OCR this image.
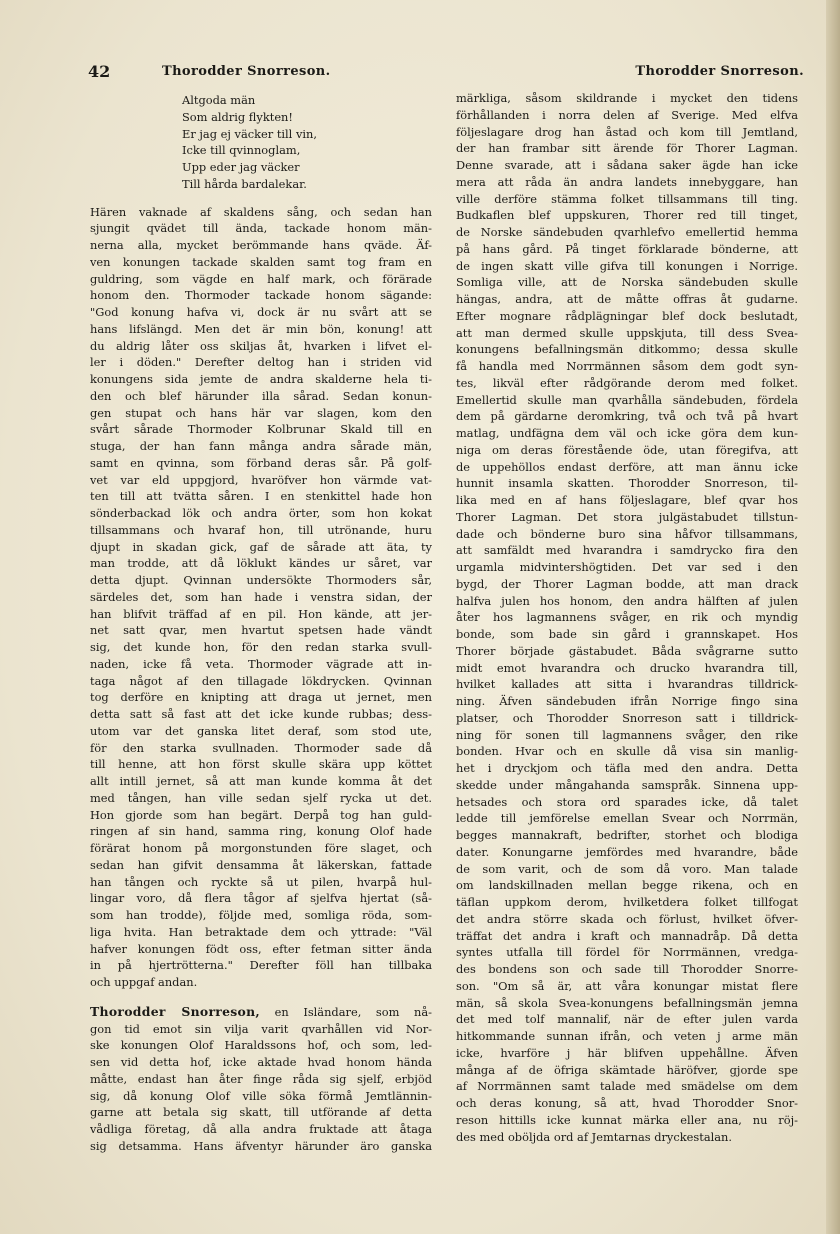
42	Thorodder Snorreson.	Thorodder Snorreson.
Altgoda män
Som aldrig flykten!
Er jag ej väcker till vin,
Icke till qvinnoglam,
Upp eder jag väcker
Till hårda bardalekar.
Hären vaknade af skaldens sång, och sedan han
sjungit qvädet till ända, tackade honom män-
nerna alla, mycket berömmande hans qväde. Äf-
ven konungen tackade skalden samt tog fram en
guldring, som vägde en half mark, och förärade
honom den. Thormoder tackade honom sägande:
"God konung hafva vi, dock är nu svårt att se
hans lifslängd. Men det är min bön, konung! att
du aldrig låter oss skiljas åt, hvarken i lifvet el-
ler i döden." Derefter deltog han i striden vid
konungens sida jemte de andra skalderne hela ti-
den och blef härunder illa sårad. Sedan konun-
gen stupat och hans här var slagen, kom den
svårt sårade Thormoder Kolbrunar Skald till en
stuga, der han fann många andra sårade män,
samt en qvinna, som förband deras sår. På golf-
vet var eld uppgjord, hvaröfver hon värmde vat-
ten till att tvätta såren. I en stenkittel hade hon
sönderbackad lök och andra örter, som hon kokat
tillsammans och hvaraf hon, till utrönande, huru
djupt in skadan gick, gaf de sårade att äta, ty
man trodde, att då löklukt kändes ur såret, var
detta djupt. Qvinnan undersökte Thormoders sår,
särdeles det, som han hade i venstra sidan, der
han blifvit träffad af en pil. Hon kände, att jer-
net satt qvar, men hvartut spetsen hade vändt
sig, det kunde hon, för den redan starka svull-
naden, icke få veta. Thormoder vägrade att in-
taga något af den tillagade lökdrycken. Qvinnan
tog derföre en knipting att draga ut jernet, men
detta satt så fast att det icke kunde rubbas; dess-
utom var det ganska litet deraf, som stod ute,
för den starka svullnaden. Thormoder sade då
till henne, att hon först skulle skära upp köttet
allt intill jernet, så att man kunde komma åt det
med tången, han ville sedan sjelf rycka ut det.
Hon gjorde som han begärt. Derpå tog han guld-
ringen af sin hand, samma ring, konung Olof hade
förärat honom på morgonstunden före slaget, och
sedan han gifvit densamma åt läkerskan, fattade
han tången och ryckte så ut pilen, hvarpå hul-
lingar voro, då flera tågor af sjelfva hjertat (så-
som han trodde), följde med, somliga röda, som-
liga hvita. Han betraktade dem och yttrade: "Väl
hafver konungen födt oss, efter fetman sitter ända
in på hjertrötterna." Derefter föll han tillbaka
och uppgaf andan.
Thorodder Snorreson, en Isländare, som nå-
gon tid emot sin vilja varit qvarhållen vid Nor-
ske konungen Olof Haraldssons hof, och som, led-
sen vid detta hof, icke aktade hvad honom hända
måtte, endast han åter finge råda sig sjelf, erbjöd
sig, då konung Olof ville söka förmå Jemtlännin-
garne att betala sig skatt, till utförande af detta
vådliga företag, då alla andra fruktade att åtaga
sig detsamma. Hans äfventyr härunder äro ganska
märkliga, såsom skildrande i mycket den tidens
förhållanden i norra delen af Sverige. Med elfva
följeslagare drog han åstad och kom till Jemtland,
der han frambar sitt ärende för Thorer Lagman.
Denne svarade, att i sådana saker ägde han icke
mera att råda än andra landets innebyggare, han
ville derföre stämma folket tillsammans till ting.
Budkaflen blef uppskuren, Thorer red till tinget,
de Norske sändebuden qvarhlefvo emellertid hemma
på hans gård. På tinget förklarade bönderne, att
de ingen skatt ville gifva till konungen i Norrige.
Somliga ville, att de Norska sändebuden skulle
hängas, andra, att de måtte offras åt gudarne.
Efter mognare rådplägningar blef dock beslutadt,
att man dermed skulle uppskjuta, till dess Svea-
konungens befallningsmän ditkommo; dessa skulle
få handla med Norrmännen såsom dem godt syn-
tes, likväl efter rådgörande derom med folket.
Emellertid skulle man qvarhålla sändebuden, fördela
dem på gärdarne deromkring, två och två på hvart
matlag, undfägna dem väl och icke göra dem kun-
niga om deras förestående öde, utan föregifva, att
de uppehöllos endast derföre, att man ännu icke
hunnit insamla skatten. Thorodder Snorreson, til-
lika med en af hans följeslagare, blef qvar hos
Thorer Lagman. Det stora julgästabudet tillstun-
dade och bönderne buro sina håfvor tillsammans,
att samfäldt med hvarandra i samdrycko fira den
urgamla midvintershögtiden. Det var sed i den
bygd, der Thorer Lagman bodde, att man drack
halfva julen hos honom, den andra hälften af julen
åter hos lagmannens svåger, en rik och myndig
bonde, som bade sin gård i grannskapet. Hos
Thorer började gästabudet. Båda svågrarne sutto
midt emot hvarandra och drucko hvarandra till,
hvilket kallades att sitta i hvarandras tilldrick-
ning. Äfven sändebuden ifrån Norrige fingo sina
platser, och Thorodder Snorreson satt i tilldrick-
ning för sonen till lagmannens svåger, den rike
bonden. Hvar och en skulle då visa sin manlig-
het i dryckjom och täfla med den andra. Detta
skedde under mångahanda samspråk. Sinnena upp-
hetsades och stora ord sparades icke, då talet
ledde till jemförelse emellan Svear och Norrmän,
begges mannakraft, bedrifter, storhet och blodiga
dater. Konungarne jemfördes med hvarandre, både
de som varit, och de som då voro. Man talade
om landskillnaden mellan begge rikena, och en
täflan uppkom derom, hvilketdera folket tillfogat
det andra större skada och förlust, hvilket öfver-
träffat det andra i kraft och mannadråp. Då detta
syntes utfalla till fördel för Norrmännen, vredga-
des bondens son och sade till Thorodder Snorre-
son. "Om så är, att våra konungar mistat flere
män, så skola Svea-konungens befallningsmän jemna
det med tolf mannalif, när de efter julen varda
hitkommande sunnan ifrån, och veten j arme män
icke, hvarföre j här blifven uppehållne. Äfven
många af de öfriga skämtade häröfver, gjorde spe
af Norrmännen samt talade med smädelse om dem
och deras konung, så att, hvad Thorodder Snor-
reson hittills icke kunnat märka eller ana, nu röj-
des med oböljda ord af Jemtarnas dryckestalan.
